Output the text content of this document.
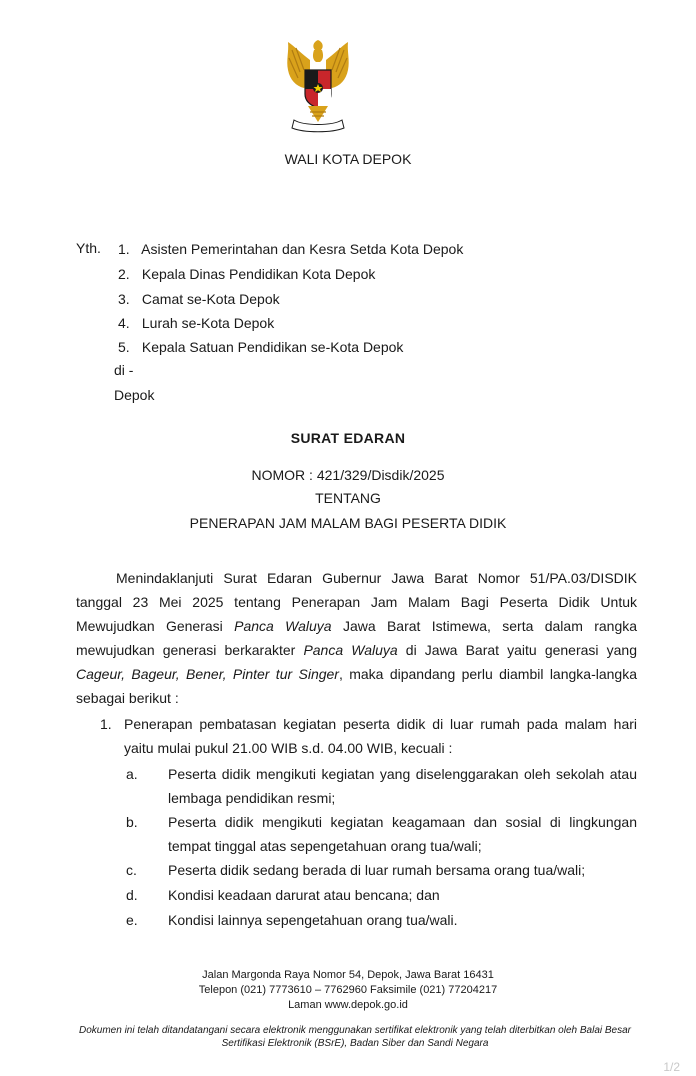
WALI KOTA DEPOK
Yth. 1. Asisten Pemerintahan dan Kesra Setda Kota Depok
2. Kepala Dinas Pendidikan Kota Depok
3. Camat se-Kota Depok
4. Lurah se-Kota Depok
5. Kepala Satuan Pendidikan se-Kota Depok
di -
Depok
SURAT EDARAN
NOMOR : 421/329/Disdik/2025
TENTANG
PENERAPAN JAM MALAM BAGI PESERTA DIDIK
Menindaklanjuti Surat Edaran Gubernur Jawa Barat Nomor 51/PA.03/DISDIK tanggal 23 Mei 2025 tentang Penerapan Jam Malam Bagi Peserta Didik Untuk Mewujudkan Generasi Panca Waluya Jawa Barat Istimewa, serta dalam rangka mewujudkan generasi berkarakter Panca Waluya di Jawa Barat yaitu generasi yang Cageur, Bageur, Bener, Pinter tur Singer, maka dipandang perlu diambil langka-langka sebagai berikut :
1. Penerapan pembatasan kegiatan peserta didik di luar rumah pada malam hari yaitu mulai pukul 21.00 WIB s.d. 04.00 WIB, kecuali :
a. Peserta didik mengikuti kegiatan yang diselenggarakan oleh sekolah atau lembaga pendidikan resmi;
b. Peserta didik mengikuti kegiatan keagamaan dan sosial di lingkungan tempat tinggal atas sepengetahuan orang tua/wali;
c. Peserta didik sedang berada di luar rumah bersama orang tua/wali;
d. Kondisi keadaan darurat atau bencana; dan
e. Kondisi lainnya sepengetahuan orang tua/wali.
Jalan Margonda Raya Nomor 54, Depok, Jawa Barat 16431
Telepon (021) 7773610 – 7762960 Faksimile (021) 77204217
Laman www.depok.go.id
Dokumen ini telah ditandatangani secara elektronik menggunakan sertifikat elektronik yang telah diterbitkan oleh Balai Besar Sertifikasi Elektronik (BSrE), Badan Siber dan Sandi Negara
1/2
